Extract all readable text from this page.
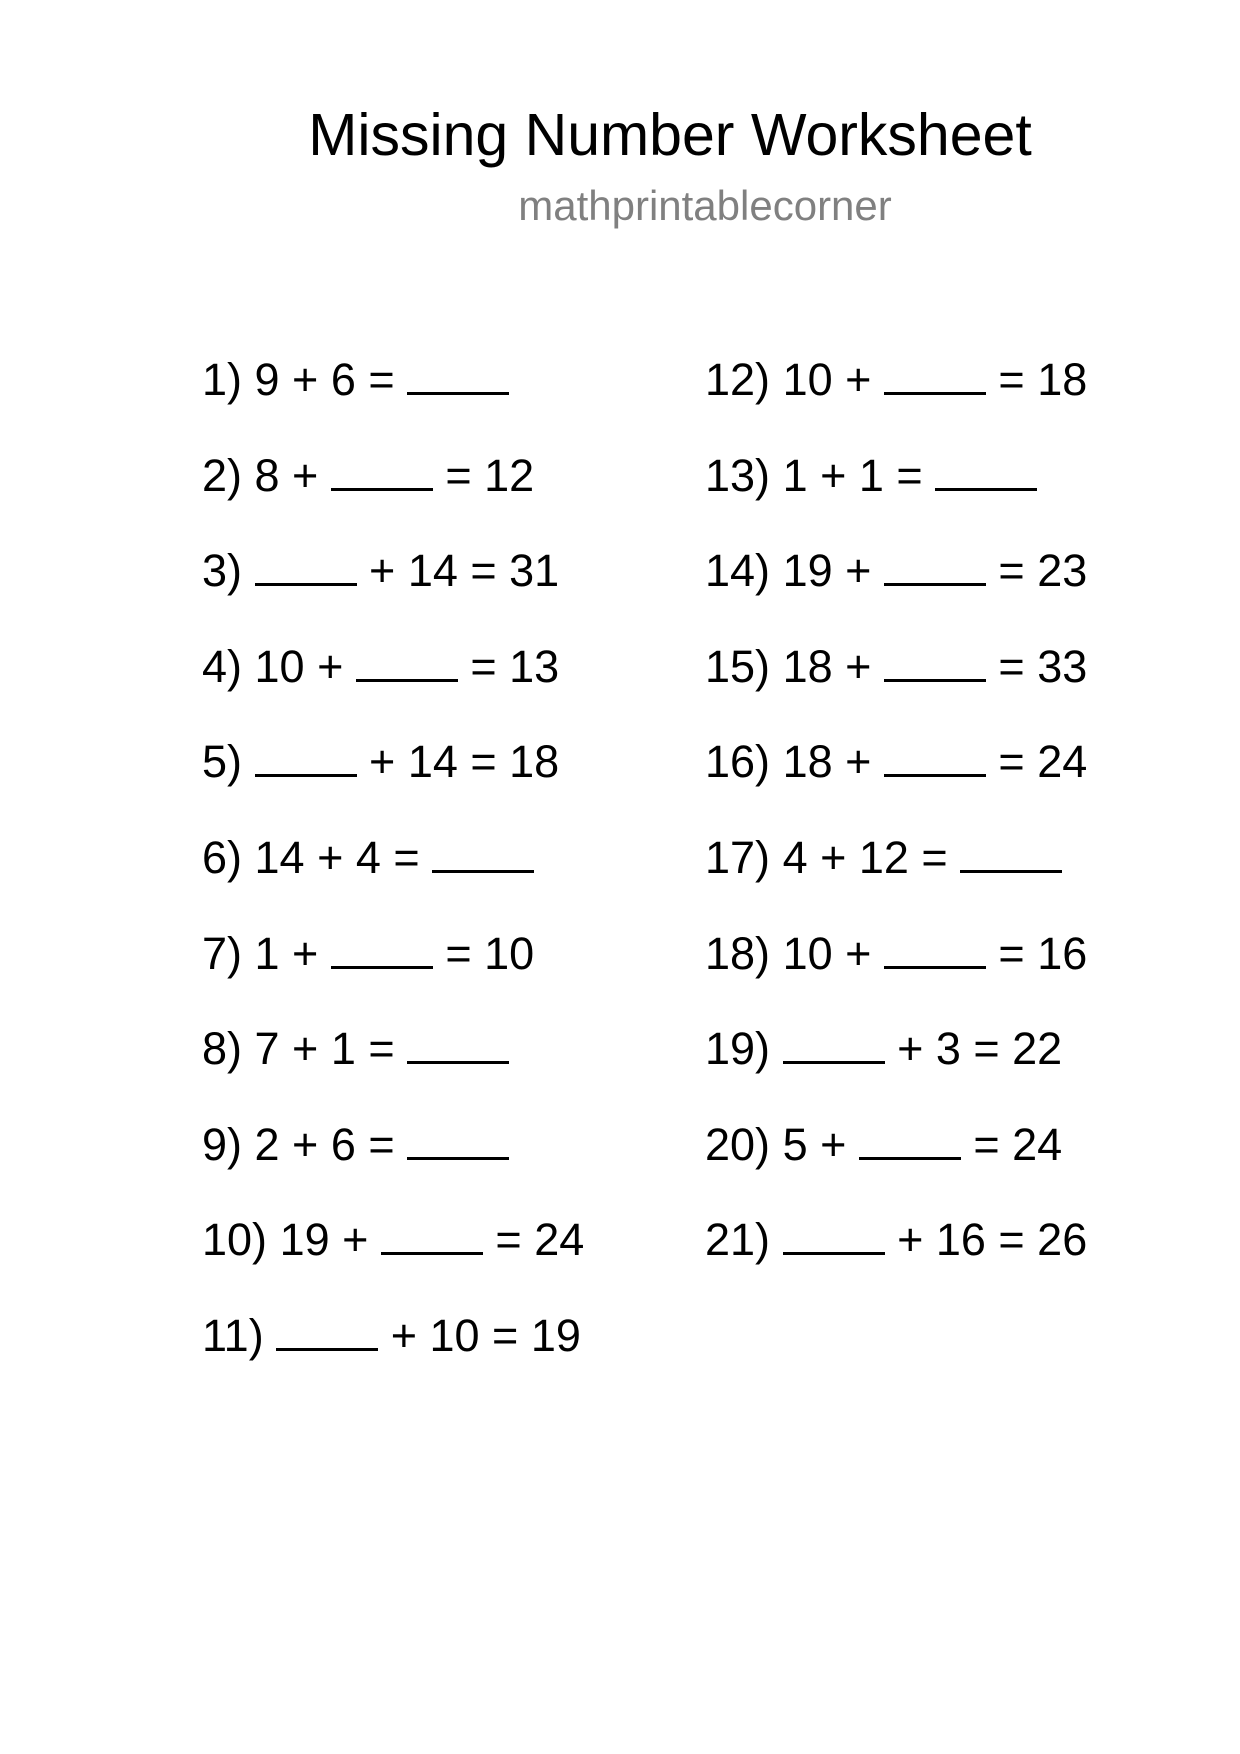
Missing Number Worksheet
mathprintablecorner
1) 9 + 6 =
2) 8 +  = 12
3)	+ 14 = 31
4) 10 +  = 13
5)	+ 14 = 18
6) 14 + 4 =
7) 1 +  = 10
8) 7 + 1 =
9) 2 + 6 =
10) 19 +  = 24
11)	+ 10 = 19
12) 10 +  = 18
13) 1 + 1 =
14) 19 +  = 23
15) 18 +  = 33
16) 18 +  = 24
17) 4 + 12 =
18) 10 +  = 16
19)	+ 3 = 22
20) 5 +  = 24
21)	+ 16 = 26
